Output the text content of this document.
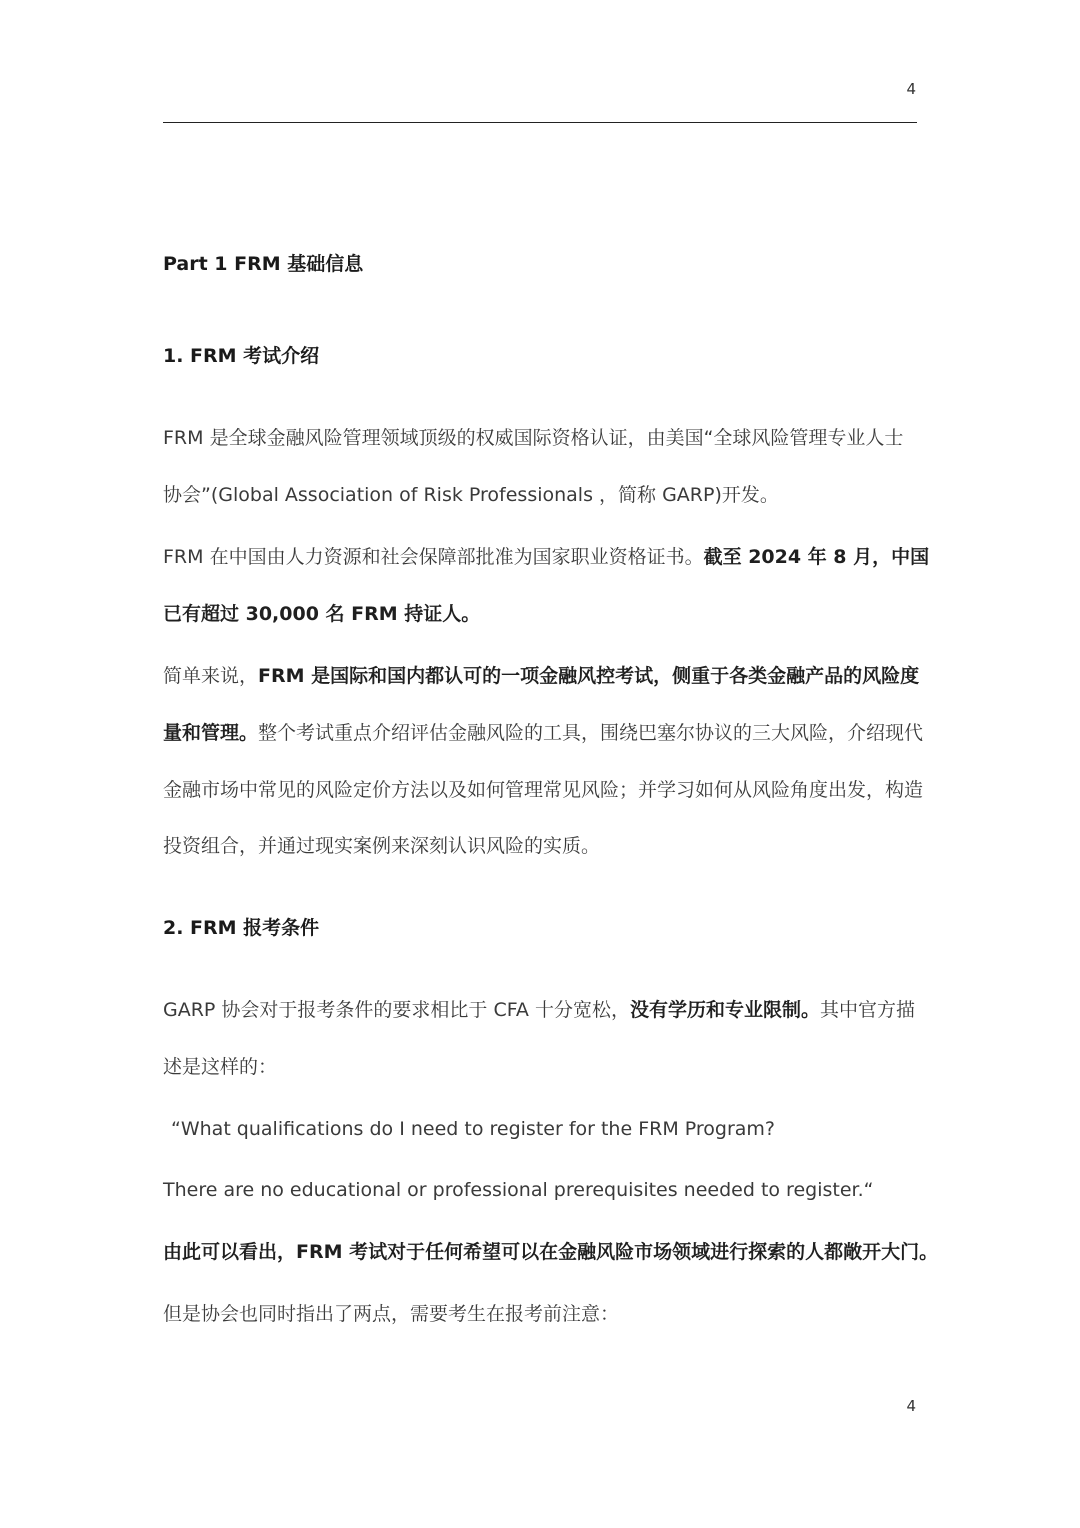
4
Part 1 FRM 基础信息
1. FRM 考试介绍
FRM 是全球金融风险管理领域顶级的权威国际资格认证，由美国“全球风险管理专业人士
协会”(Global Association of Risk Professionals ，简称 GARP)开发。
FRM 在中国由人力资源和社会保障部批准为国家职业资格证书。截至 2024 年 8 月，中国
已有超过 30,000 名 FRM 持证人。
简单来说，FRM 是国际和国内都认可的一项金融风控考试，侧重于各类金融产品的风险度
量和管理。整个考试重点介绍评估金融风险的工具，围绕巴塞尔协议的三大风险，介绍现代
金融市场中常见的风险定价方法以及如何管理常见风险；并学习如何从风险角度出发，构造
投资组合，并通过现实案例来深刻认识风险的实质。
2. FRM 报考条件
GARP 协会对于报考条件的要求相比于 CFA 十分宽松，没有学历和专业限制。其中官方描
述是这样的：
“What qualifications do I need to register for the FRM Program?
There are no educational or professional prerequisites needed to register.“
由此可以看出，FRM 考试对于任何希望可以在金融风险市场领域进行探索的人都敞开大门。
但是协会也同时指出了两点，需要考生在报考前注意：
4
